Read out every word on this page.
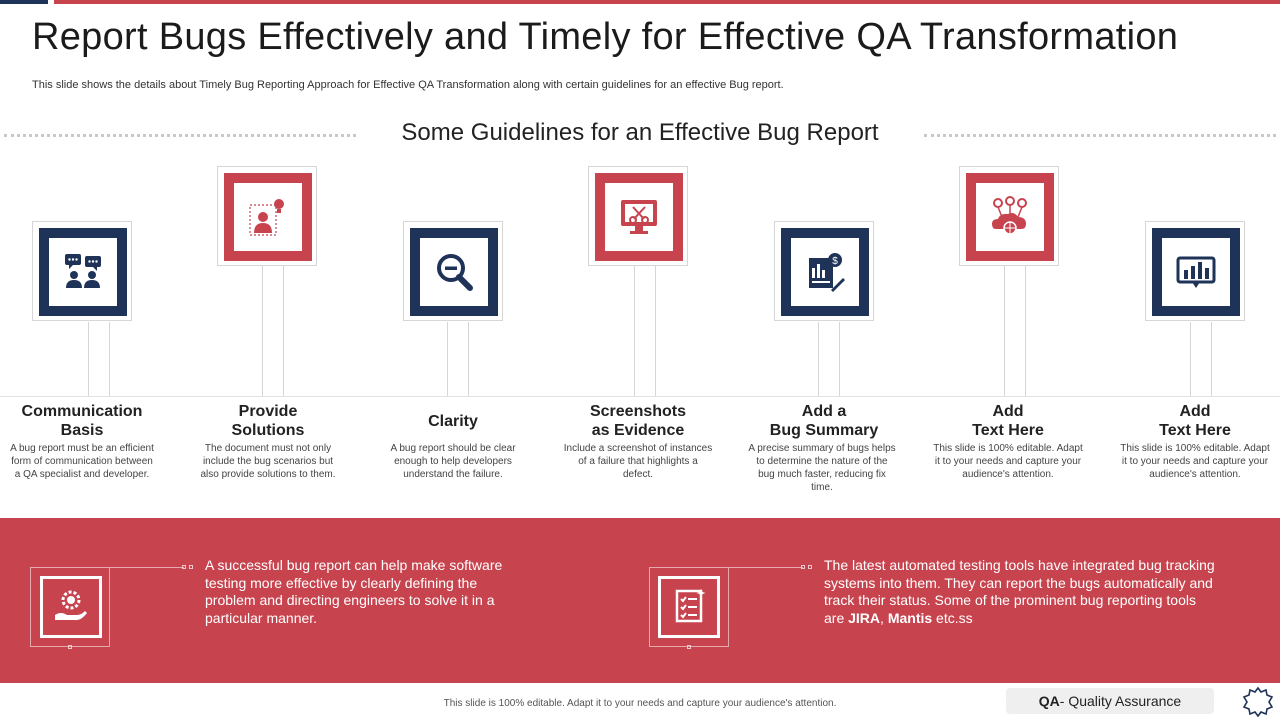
Report Bugs Effectively and Timely for Effective QA Transformation
This slide shows the details about Timely Bug Reporting Approach for Effective QA Transformation along with certain guidelines for an effective Bug report.
Some Guidelines for an Effective Bug Report
Communication
Basis
A bug report must be an efficient form of communication between a QA specialist and developer.
Provide
Solutions
The document must not only include the bug scenarios but also provide solutions to them.
Clarity
A bug report should be clear enough to help developers understand the failure.
Screenshots
as Evidence
Include a screenshot of instances of a failure that highlights a defect.
$
Add a
Bug Summary
A precise summary of bugs helps to determine the nature of the bug much faster, reducing fix time.
Add
Text Here
This slide is 100% editable. Adapt it to your needs and capture your audience's attention.
Add
Text Here
This slide is 100% editable. Adapt it to your needs and capture your audience's attention.
A successful bug report can help make software testing more effective by clearly defining the problem and directing engineers to solve it in a particular manner.
The latest automated testing tools have integrated bug tracking systems into them. They can report the bugs automatically and track their status. Some of the prominent bug reporting tools are JIRA, Mantis etc.ss
This slide is 100% editable. Adapt it to your needs and capture your audience's attention.	QA - Quality Assurance
